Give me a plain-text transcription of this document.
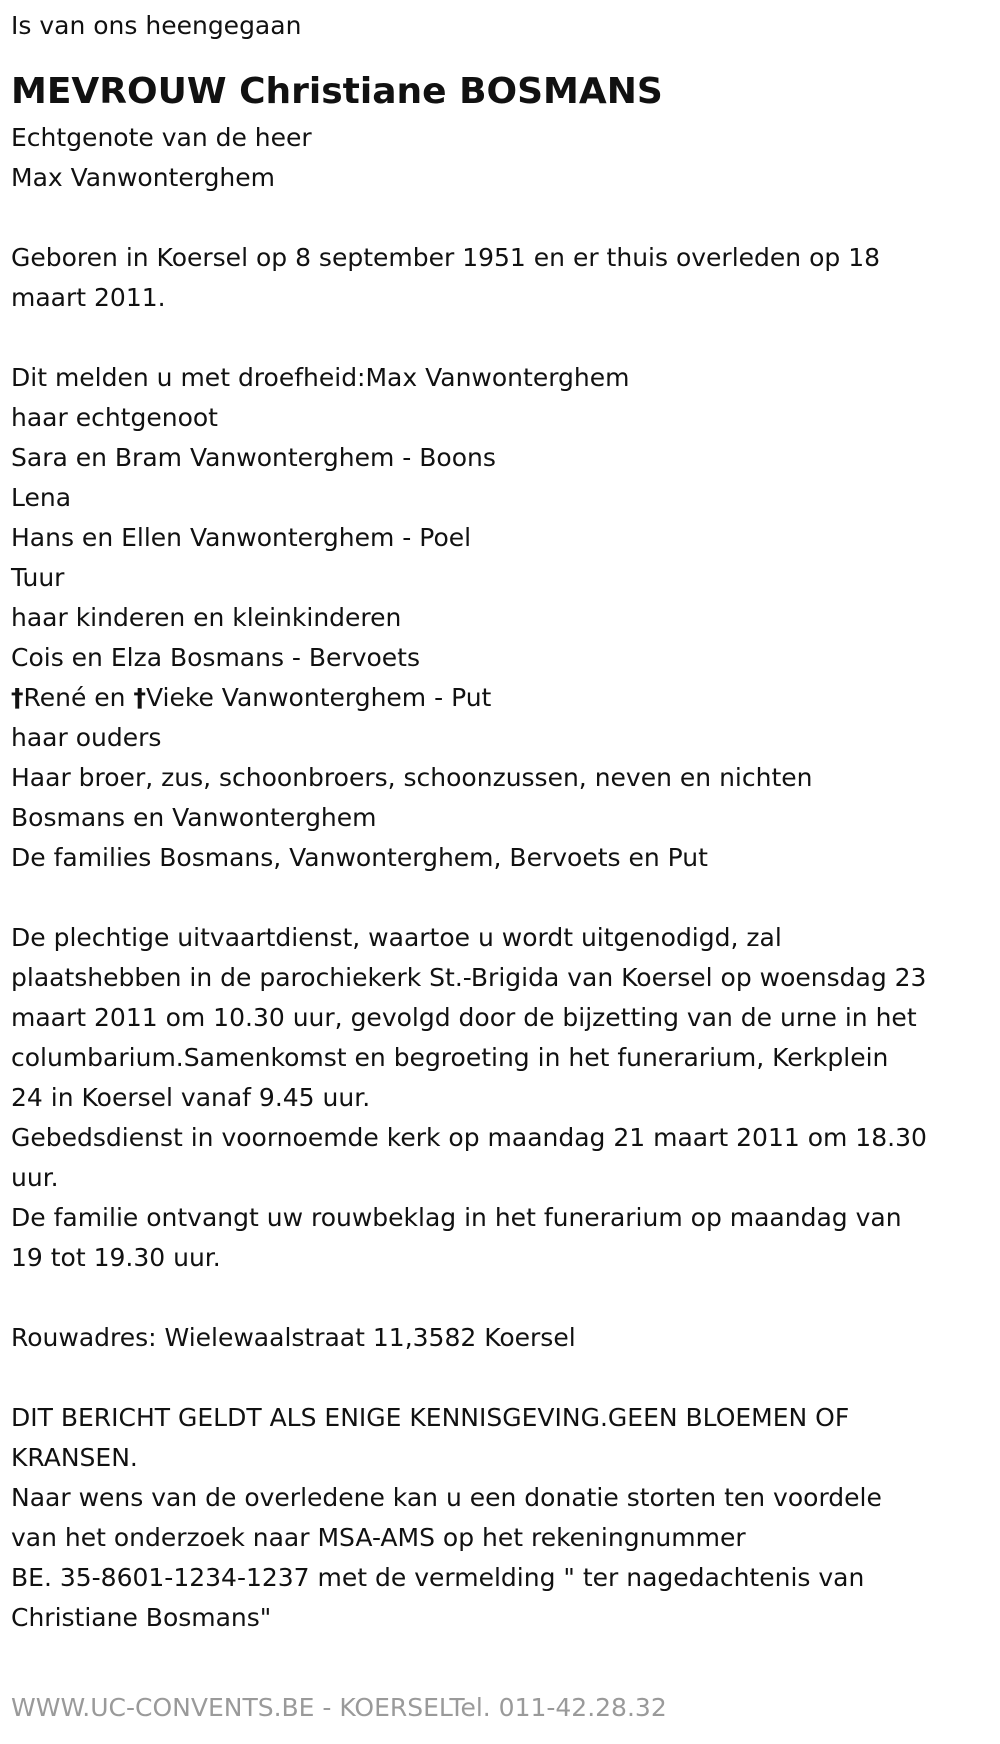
Is van ons heengegaan
MEVROUW Christiane BOSMANS
Echtgenote van de heer
Max Vanwonterghem
Geboren in Koersel op 8 september 1951 en er thuis overleden op 18
maart 2011.
Dit melden u met droefheid:Max Vanwonterghem
haar echtgenoot
Sara en Bram Vanwonterghem - Boons
Lena
Hans en Ellen Vanwonterghem - Poel
Tuur
haar kinderen en kleinkinderen
Cois en Elza Bosmans - Bervoets
†René en †Vieke Vanwonterghem - Put
haar ouders
Haar broer, zus, schoonbroers, schoonzussen, neven en nichten
Bosmans en Vanwonterghem
De families Bosmans, Vanwonterghem, Bervoets en Put
De plechtige uitvaartdienst, waartoe u wordt uitgenodigd, zal
plaatshebben in de parochiekerk St.-Brigida van Koersel op woensdag 23
maart 2011 om 10.30 uur, gevolgd door de bijzetting van de urne in het
columbarium.Samenkomst en begroeting in het funerarium, Kerkplein
24 in Koersel vanaf 9.45 uur.
Gebedsdienst in voornoemde kerk op maandag 21 maart 2011 om 18.30
uur.
De familie ontvangt uw rouwbeklag in het funerarium op maandag van
19 tot 19.30 uur.
Rouwadres: Wielewaalstraat 11,3582 Koersel
DIT BERICHT GELDT ALS ENIGE KENNISGEVING.GEEN BLOEMEN OF
KRANSEN.
Naar wens van de overledene kan u een donatie storten ten voordele
van het onderzoek naar MSA-AMS op het rekeningnummer
BE. 35-8601-1234-1237 met de vermelding " ter nagedachtenis van
Christiane Bosmans"
WWW.UC-CONVENTS.BE - KOERSELTel. 011-42.28.32
